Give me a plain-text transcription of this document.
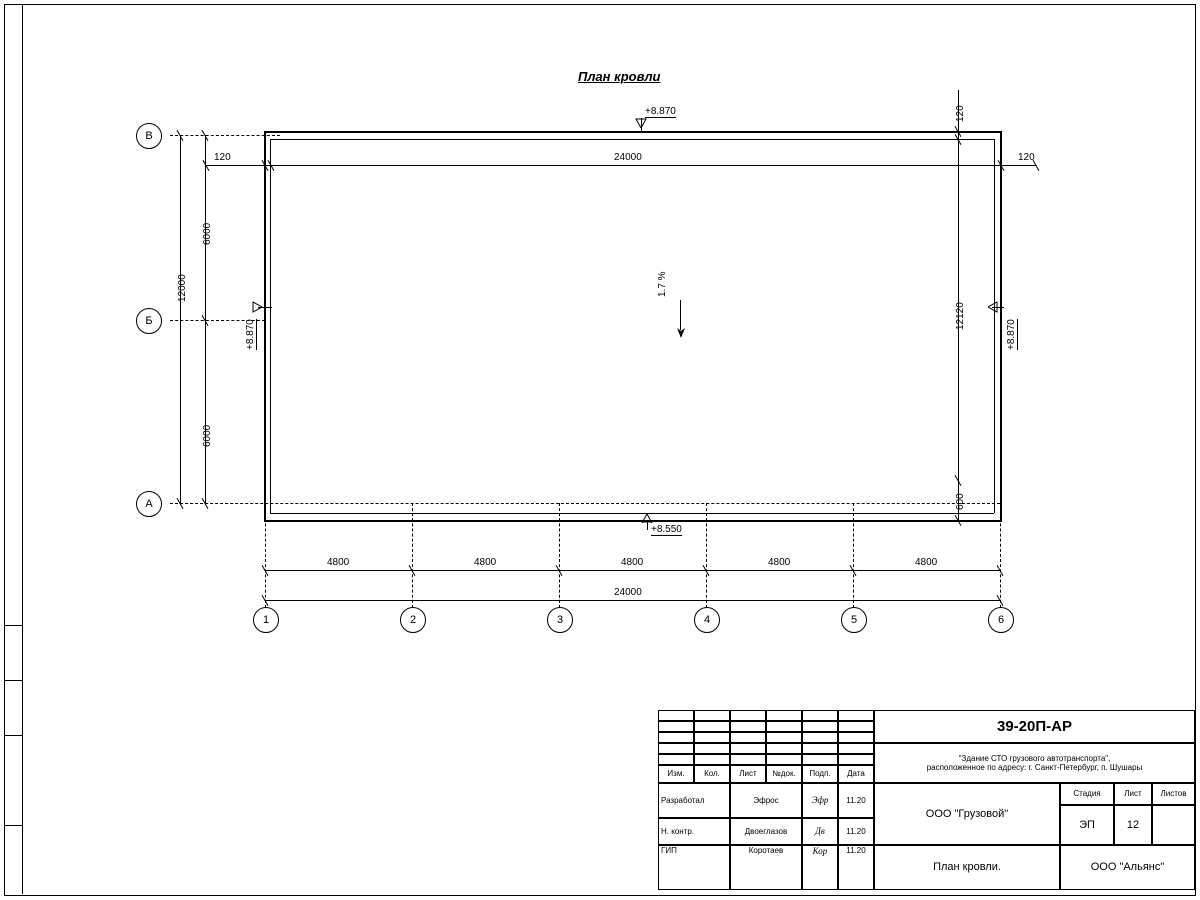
План кровли
1.7 %
120	24000	120
+8.870
6000
6000
12000
+8.870
120
12120
600
+8.870
+8.550
4800	4800	4800	4800	4800
24000
В
Б
А
1	2	3	4	5	6
Изм.	Кол.	Лист	№док.	Подп.	Дата
Разработал	Эфрос	Эфр	11.20
Н. контр.	Двоеглазов	Дв	11.20
ГИП	Коротаев	Кор	11.20
39-20П-АР
"Здание СТО грузового автотранспорта",
расположенное по адресу: г. Санкт-Петербург, п. Шушары
ООО "Грузовой"
План кровли.
Стадия	Лист	Листов
ЭП	12
ООО "Альянс"
